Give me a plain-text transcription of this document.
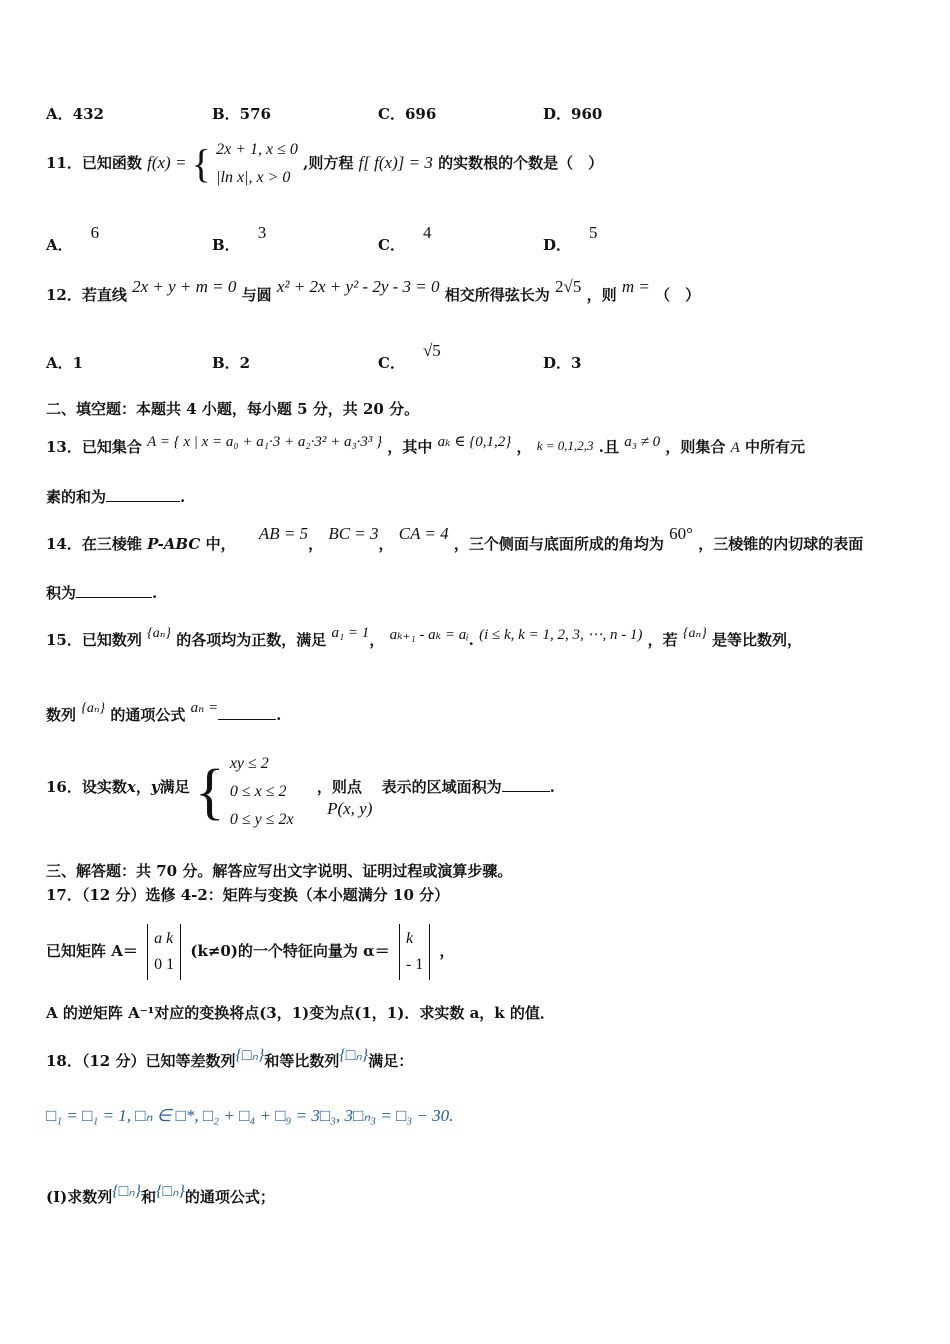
A．432	B．576	C．696	D．960
11．已知函数 f(x) = { 2x + 1, x ≤ 0
|ln x|, x > 0 ,则方程 f[ f(x)] = 3 的实数根的个数是（　）
A．6
B．3
C．4
D．5
12．若直线 2x + y + m = 0 与圆 x² + 2x + y² - 2y - 3 = 0 相交所得弦长为 2√5 ，则 m = （　）
A．1	B．2	C．√5
D．3
二、填空题：本题共 4 小题，每小题 5 分，共 20 分。
13．已知集合 A = { x | x = a₀ + a₁·3 + a₂·3² + a₃·3³ } ，其中 aₖ ∈ {0,1,2} ， k = 0,1,2,3 .且 a₃ ≠ 0 ，则集合 A 中所有元
素的和为	.
14．在三棱锥 P-ABC 中， AB = 5， BC = 3， CA = 4 ，三个侧面与底面所成的角均为 60° ，三棱锥的内切球的表面
积为	.
15．已知数列 {aₙ} 的各项均为正数，满足 a₁ = 1， aₖ₊₁ - aₖ = aᵢ. (i ≤ k, k = 1, 2, 3, ⋯, n - 1) ，若 {aₙ} 是等比数列，
数列 {aₙ} 的通项公式 aₙ =	.
16．设实数x，y满足 { xy ≤ 2
0 ≤ x ≤ 2
0 ≤ y ≤ 2x ，则点 P(x, y) 表示的区域面积为	.
三、解答题：共 70 分。解答应写出文字说明、证明过程或演算步骤。
17．（12 分）选修 4-2：矩阵与变换（本小题满分 10 分）
已知矩阵 A＝ a k
0 1 (k≠0)的一个特征向量为 α＝ k
- 1 ，
A 的逆矩阵 A⁻¹对应的变换将点(3，1)变为点(1，1)．求实数 a，k 的值．
18．（12 分）已知等差数列{□ₙ}和等比数列{□ₙ}满足：
□₁ = □₁ = 1, □ₙ ∈ □*, □₂ + □₄ + □₉ = 3□₃, 3□ₙ₃ = □₃ − 30.
(Ⅰ)求数列{□ₙ}和{□ₙ}的通项公式；
